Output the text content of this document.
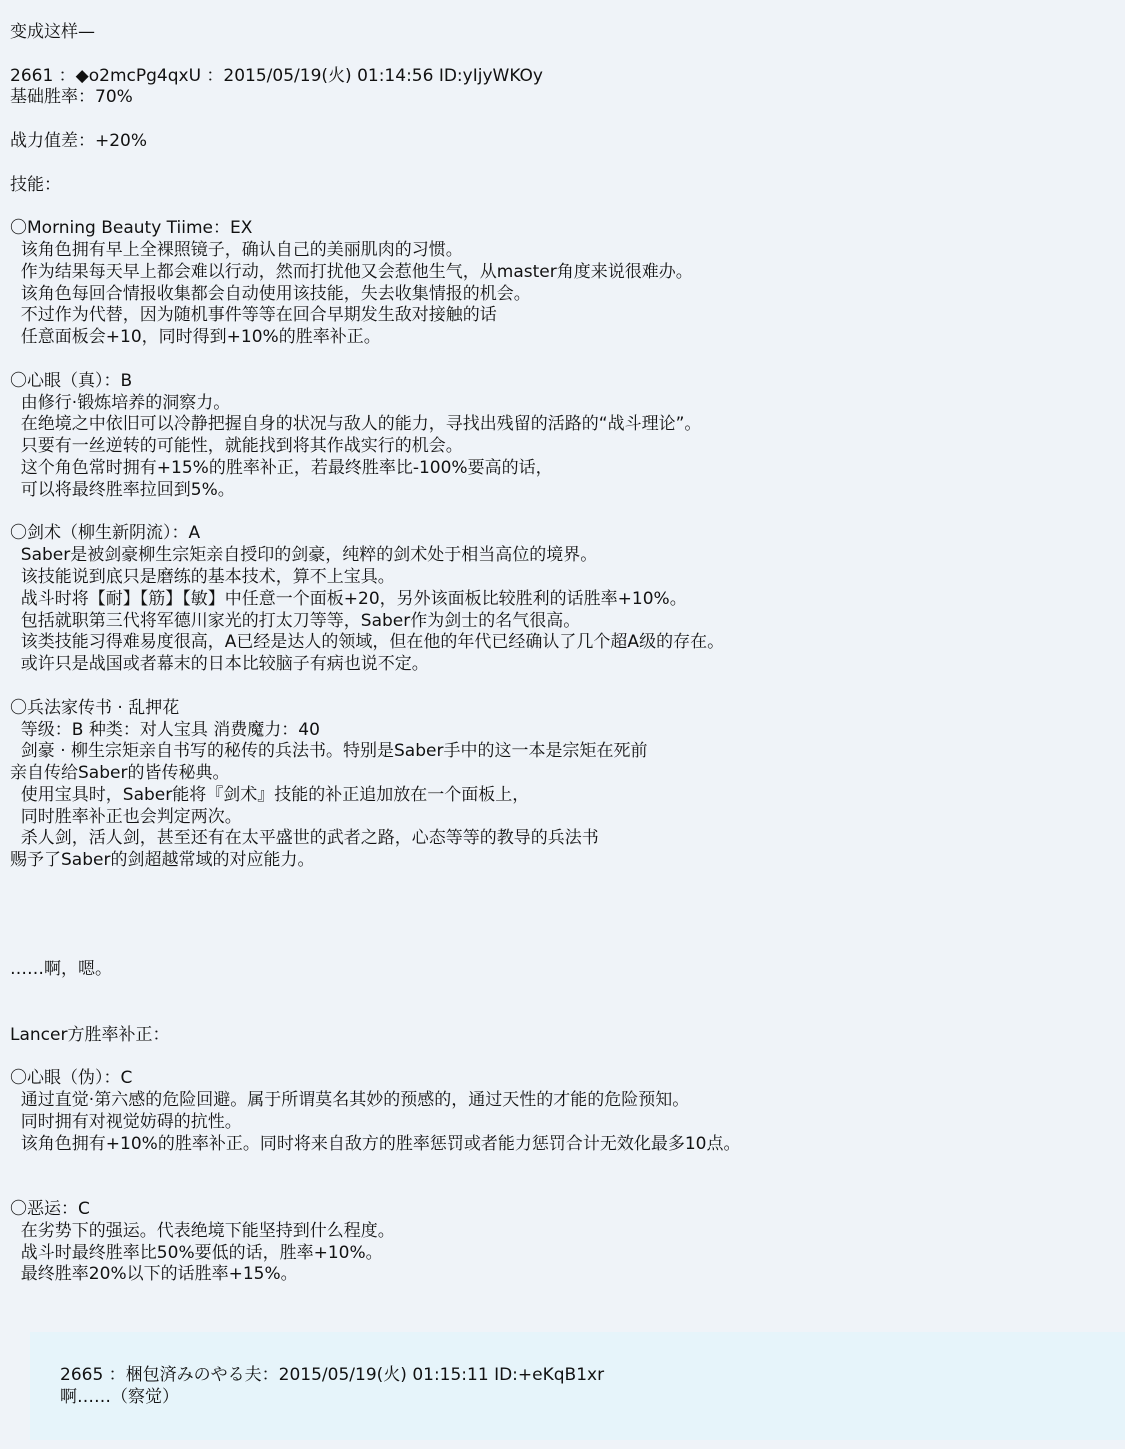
变成这样—
2661 ：◆o2mcPg4qxU ：2015/05/19(火) 01:14:56 ID:yIjyWKOy
基础胜率：70%
战力值差：+20%
技能：
〇Morning Beauty Tiime：EX
该角色拥有早上全裸照镜子，确认自己的美丽肌肉的习惯。
作为结果每天早上都会难以行动，然而打扰他又会惹他生气，从master角度来说很难办。
该角色每回合情报收集都会自动使用该技能，失去收集情报的机会。
不过作为代替，因为随机事件等等在回合早期发生敌对接触的话
任意面板会+10，同时得到+10%的胜率补正。
〇心眼（真）：B
由修行·锻炼培养的洞察力。
在绝境之中依旧可以冷静把握自身的状况与敌人的能力，寻找出残留的活路的“战斗理论”。
只要有一丝逆转的可能性，就能找到将其作战实行的机会。
这个角色常时拥有+15%的胜率补正，若最终胜率比-100%要高的话，
可以将最终胜率拉回到5%。
〇剑术（柳生新阴流）：A
Saber是被剑豪柳生宗矩亲自授印的剑豪，纯粹的剑术处于相当高位的境界。
该技能说到底只是磨练的基本技术，算不上宝具。
战斗时将【耐】【筋】【敏】中任意一个面板+20，另外该面板比较胜利的话胜率+10%。
包括就职第三代将军德川家光的打太刀等等，Saber作为剑士的名气很高。
该类技能习得难易度很高，A已经是达人的领域，但在他的年代已经确认了几个超A级的存在。
或许只是战国或者幕末的日本比较脑子有病也说不定。
〇兵法家传书 · 乱押花
等级：B 种类：对人宝具 消费魔力：40
剑豪 · 柳生宗矩亲自书写的秘传的兵法书。特别是Saber手中的这一本是宗矩在死前
亲自传给Saber的皆传秘典。
使用宝具时，Saber能将『剑术』技能的补正追加放在一个面板上，
同时胜率补正也会判定两次。
杀人剑，活人剑，甚至还有在太平盛世的武者之路，心态等等的教导的兵法书
赐予了Saber的剑超越常域的对应能力。
……啊，嗯。
Lancer方胜率补正：
〇心眼（伪）：C
通过直觉·第六感的危险回避。属于所谓莫名其妙的预感的，通过天性的才能的危险预知。
同时拥有对视觉妨碍的抗性。
该角色拥有+10%的胜率补正。同时将来自敌方的胜率惩罚或者能力惩罚合计无效化最多10点。
〇恶运：C
在劣势下的强运。代表绝境下能坚持到什么程度。
战斗时最终胜率比50%要低的话，胜率+10%。
最终胜率20%以下的话胜率+15%。
2665 ：梱包済みのやる夫：2015/05/19(火) 01:15:11 ID:+eKqB1xr
啊……（察觉）
